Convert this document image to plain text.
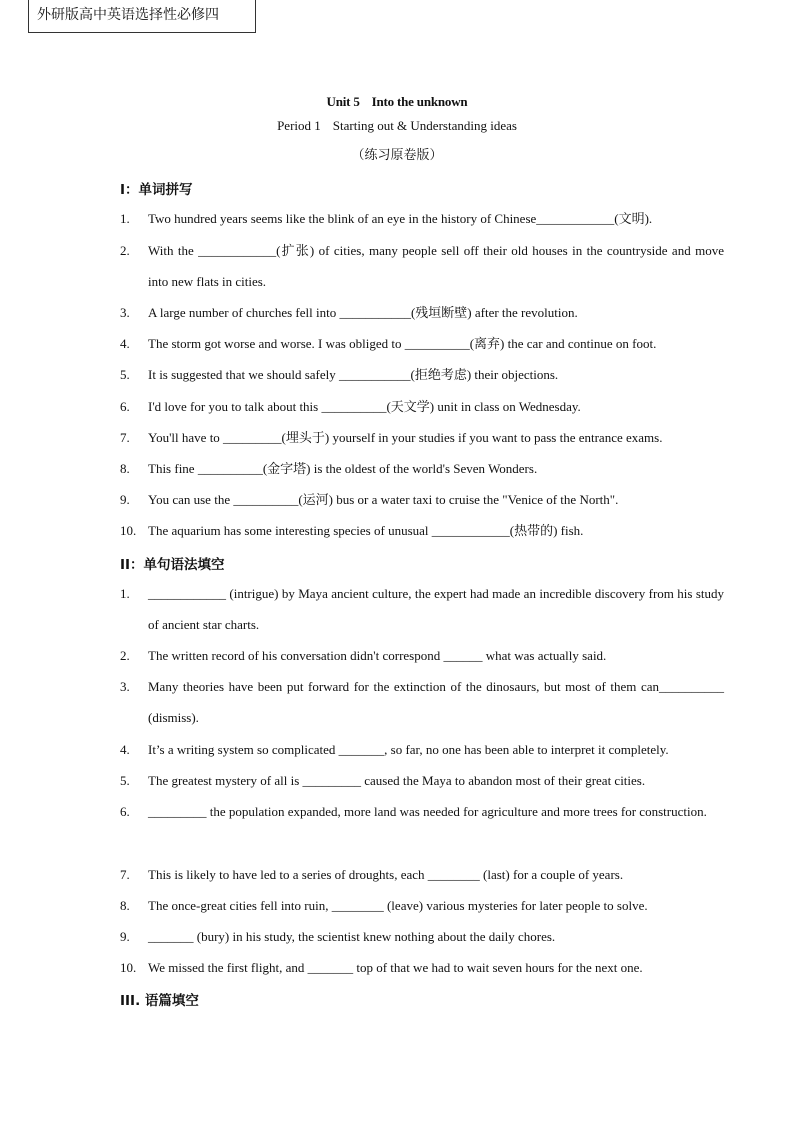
外研版高中英语选择性必修四
Unit 5 Into the unknown
Period 1 Starting out & Understanding ideas
（练习原卷版）
I：单词拼写
1.	Two hundred years seems like the blink of an eye in the history of Chinese____________(文明).
2.	With the ____________(扩张) of cities, many people sell off their old houses in the countryside and move into new flats in cities.
3.	A large number of churches fell into ___________(残垣断壁) after the revolution.
4.	The storm got worse and worse. I was obliged to __________(离弃) the car and continue on foot.
5.	It is suggested that we should safely ___________(拒绝考虑) their objections.
6.	I'd love for you to talk about this __________(天文学) unit in class on Wednesday.
7.	You'll have to _________(埋头于) yourself in your studies if you want to pass the entrance exams.
8.	This fine __________(金字塔) is the oldest of the world's Seven Wonders.
9.	You can use the __________(运河) bus or a water taxi to cruise the "Venice of the North".
10. The aquarium has some interesting species of unusual ____________(热带的) fish.
II：单句语法填空
1.	____________ (intrigue) by Maya ancient culture, the expert had made an incredible discovery from his study of ancient star charts.
2.	The written record of his conversation didn't correspond ______ what was actually said.
3.	Many theories have been put forward for the extinction of the dinosaurs, but most of them can__________ (dismiss).
4.	It’s a writing system so complicated _______, so far, no one has been able to interpret it completely.
5.	The greatest mystery of all is _________ caused the Maya to abandon most of their great cities.
6.	_________ the population expanded, more land was needed for agriculture and more trees for construction.
7.	This is likely to have led to a series of droughts, each ________ (last) for a couple of years.
8.	The once-great cities fell into ruin, ________ (leave) various mysteries for later people to solve.
9.	_______ (bury) in his study, the scientist knew nothing about the daily chores.
10. We missed the first flight, and _______ top of that we had to wait seven hours for the next one.
III. 语篇填空
